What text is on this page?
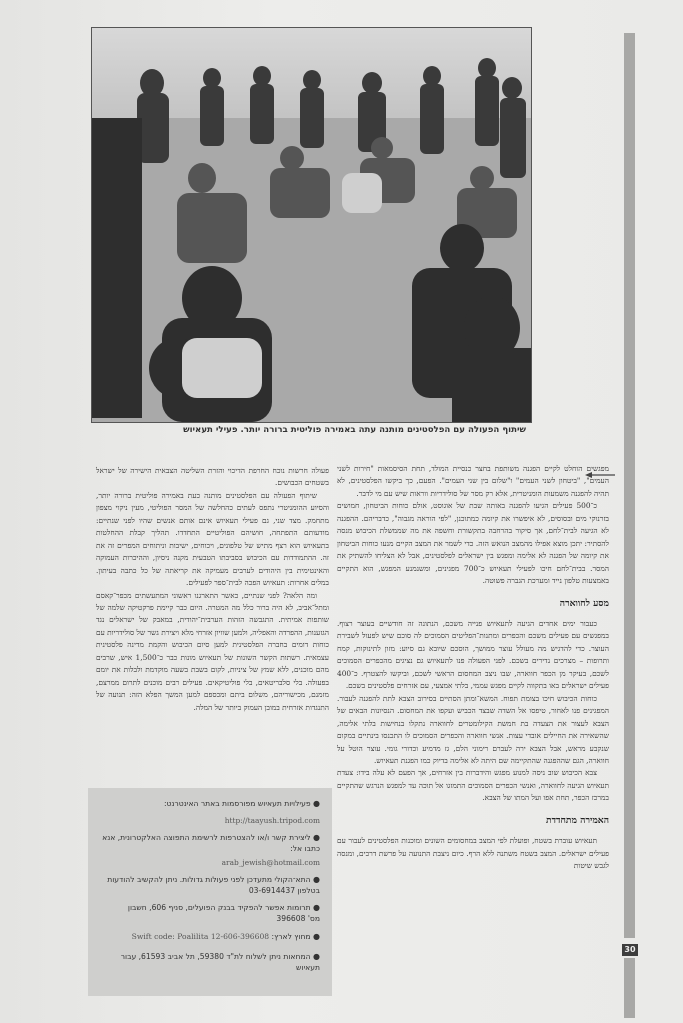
שיתוף הפעולה עם הפלסטינים מותנה עתה באמירה פוליטית ברורה יותר. פעילי תעאיוש
30

מפגשים הוחלט לקיים הפגנה משותפת בחצר כנסיית המולד, תחת הסיסמאות "חירות לשני העמים", "ביטחון לשני העמים" ו"שלום בין שני העמים". הפעם, כך ביקשו הפלסטינים, לא תהיה להפגנה משמעות הומניטרית, אלא רק מסר של סולידריות ווראות שיש עם מי לדבר.

כ־500 פעילים הגיעו להפגנה באותה שבת של אוגוסט, אולם כוחות הביטחון, חמושים בזרנוקי מים ובסוסים, לא איפשרו את קיומה כמתוכנן, "לפי הוראה מגבוה", כדבריהם. ההפגנה לא הגיעה לבית־לחם, אך סיקור בהרחבה בתקשורת וחשפה את מה שממשלת הכיבוש מנסה להסתיר: יתכן מוצא אפילו מהמצב הנואש הזה. כדי לשמר את המצב הקיים מנעו כוחות הביטחון את קיומה של הפגנה לא אלימה ומפגש בין ישראלים לפלסטינים, אבל לא הצליחו להשתיק את המסר. בבית־לחם חיכו לפעילי תעאיוש כ־700 מפגינים, ומשנמנע המפגש, הוא התקיים באמצעות טלפון נייד ומערכת הגברה פשוטה.

מסע לחווארה

כעבור ימים אחדים הגיעה לתעאיוש פנייה משכם, הנתונה זה חודשיים בעוצר רצוף. במפגשים עם פעילים משכם והכפרים ומתנות־הפליטים הסמוכים לה סוכם שיש לפעול לשבירת העוצר. כדי להדגיש מה מעולל עוצר ממושך, הוסכם שיובא גם סיוע: מזון לתינוקות, קמח ותרופות – מצרכים נדירים בשכם. לפני הפעולה פנו לתעאיוש גם נציגים מהכפרים הסמוכים לשכם, בעיקר מן הכפר חווארה, שבו ניצב המחסום הראשי לשכם, וביקשו להצטרף. כ־400 פעילים ישראלים באו בתקווה לקיים מפגש עממי, בלתי אמצעי, עם אזרחים פלסטינים בשכם.

כוחות הכיבוש חיכו בצומת תפוח. המשא־ומתן הסתיים בסירוב הצבא לתת להפגנה לעבור. המפגינים פנו לאחור, טיפסו אל השדה שבצד הכביש ועקפו את המחסום. הנסיונות הבאים של הצבא לעצור את הצעדה בת חמשת הקילומטרים לחווארה נתקלו בנחישות בלתי אלימה, שהשאירה את החיילים אובדי עצות. אנשי חווארה והכפרים הסמוכים לו התכנסו בינתיים במקום שנקבע מראש, אבל הצבא ירה לעברם רימוני הלם, גז מדמיע וכדורי גומי. עוצר הוטל על חווארה, הגם שההפגנה שהתקיימה שם היתה לא אלימה בדיוק כמו הפגנת תעאיוש.

צבא הכיבוש שוב ניסה למנוע מפגש והידברות בין אזרחים, אך הפעם לא עלה בידו: צעדת תעאיוש הגיעה לחווארה, ואנשי הכפרים הסמוכים התמזגו אל תוכה עד למפגש הנרגש שהתקיים במרכז הכפר, תחת אפו ועל המתו של הצבא.

האמירה מתחדדת

תעאיוש עוברת בשטח, ופועלת לפי המצב במחסומים השונים ומוכנות הפלסטינים לעבור עם פעילים ישראלים. המצב בשטח משתנה ללא הרף. כיום ניצבת התנועה על פרשת דרכים, ומנסה לגבש שיטות

פעולה חרשות נוכח החרפת הדיכוי והזרת השליטה הצבאית הישירה של ישראל בשטחים הכבושים.

שיתוף הפעולה עם הפלסטינים מותנה כעת באמירה פוליטית ברורה יותר, והסיוע ההומניטרי נתפס לעתים כהחלשה של המסר הפוליטי, מעין ניקוי מצפון מתחמק. מצד שני, גם פעילי תעאיוש אינם אותם אנשים שהיו לפני שנתיים: מודעותם התפתחה, חושיהם הפוליטיים התחדדו. תהליך קבלת ההחלטות בתעאיוש הוא רצף מתיש של טלפונים, ויכוחים, ישיבות וניתוחים המפרים זה את זה. ההתמודדות עם הכיבוש בסביבתו הטבעית מקנה ניסיון, וההיכרות העמוקה והאינטימית בין היהודים לערבים מעמיקה את קריאתה של כל כתבה בעיתון. במלים אחרות: תעאיוש הפכה לבית־ספר לפעילים.

ומה הלאה? לפני שנתיים, כאשר התארגנו ראשוני המתעשתים מכפר־קאסם ומתל־אביב, לא היה ברור כלל מה המטרה. היום כבר קיימת פרקטיקה שלמה של שותפות אמיתית. התגבשה הזהות הערבית־יהודית, במאבק של ישראלים נגד הגזענות, ההפרדה והאפליה, ולמען שוויון אזרחי מלא ויצירת גשר של סולידריות עם כוחות דומים בחברה הפלסטינית למען סיום הכיבוש והקמת מדינה פלסטינית עצמאית. רשתות הקשר השונות של תעאיוש מונות כבר כ־1,500 איש, שרבים מהם מוכנים, ללא שמץ של ציניות, לקום בשבת בשעה מוקדמת ולבלות את יומם בפעולה. בלי סלבריטאים, בלי פוליטיקאים. פעילים רבים מוכנים לתרום ממרצם, מזמנם, מכישוריהם, משלום ביתם ומכספם למען המשך הפלא הזה: תנועה של התנגדות אזרחית במובן העמוק ביותר של המלה.

● פעילויות תעאיוש מפורסמות באתר האינטרנט:
http://taayush.tripod.com
● ליצירת קשר ו/או להצטרפות לרשימת התפוצה האלקטרונית, אנא כתבו אל:
arab_jewish@hotmail.com
● התא־הקולי מתעדכן לפני פעולות גדולות. ניתן להקשיב להודעות בטלפון 03-6914437
● תרומות אפשר להפקיד בבנק הפועלים, סניף 606, חשבון מס' 396608
● מחוץ לארץ: Swift code: Poalilita 12-606-396608
● המחאות ניתן לשלוח לת"ד 59380, תל אביב 61593, עבור תעאיוש
